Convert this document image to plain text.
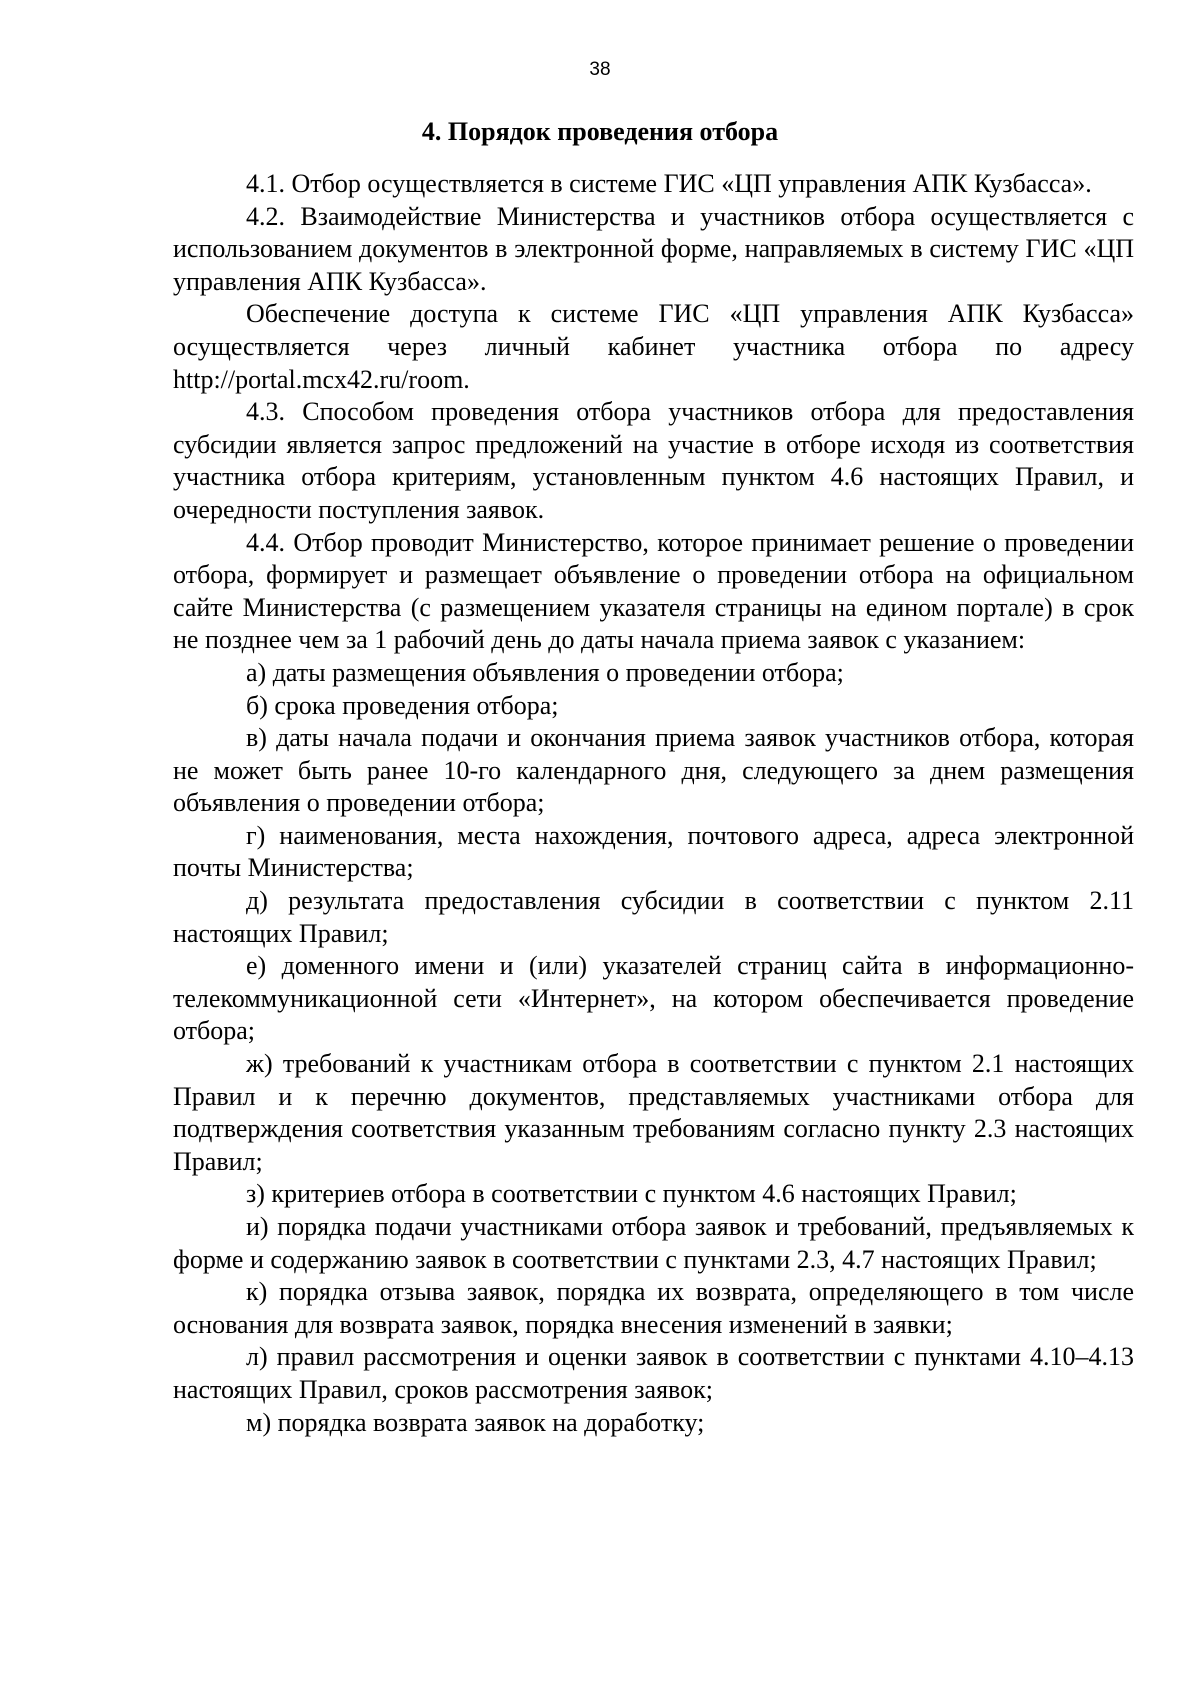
38
4. Порядок проведения отбора

4.1. Отбор осуществляется в системе ГИС «ЦП управления АПК Кузбасса».

4.2. Взаимодействие Министерства и участников отбора осуществляется с использованием документов в электронной форме, направляемых в систему ГИС «ЦП управления АПК Кузбасса».

Обеспечение доступа к системе ГИС «ЦП управления АПК Кузбасса» осуществляется через личный кабинет участника отбора по адресу http://portal.mcx42.ru/room.

4.3. Способом проведения отбора участников отбора для предоставления субсидии является запрос предложений на участие в отборе исходя из соответствия участника отбора критериям, установленным пунктом 4.6 настоящих Правил, и очередности поступления заявок.

4.4. Отбор проводит Министерство, которое принимает решение о проведении отбора, формирует и размещает объявление о проведении отбора на официальном сайте Министерства (с размещением указателя страницы на едином портале) в срок не позднее чем за 1 рабочий день до даты начала приема заявок с указанием:

а) даты размещения объявления о проведении отбора;

б) срока проведения отбора;

в) даты начала подачи и окончания приема заявок участников отбора, которая не может быть ранее 10-го календарного дня, следующего за днем размещения объявления о проведении отбора;

г) наименования, места нахождения, почтового адреса, адреса электронной почты Министерства;

д) результата предоставления субсидии в соответствии с пунктом 2.11 настоящих Правил;

е) доменного имени и (или) указателей страниц сайта в информационно-телекоммуникационной сети «Интернет», на котором обеспечивается проведение отбора;

ж) требований к участникам отбора в соответствии с пунктом 2.1 настоящих Правил и к перечню документов, представляемых участниками отбора для подтверждения соответствия указанным требованиям согласно пункту 2.3 настоящих Правил;

з) критериев отбора в соответствии с пунктом 4.6 настоящих Правил;

и) порядка подачи участниками отбора заявок и требований, предъявляемых к форме и содержанию заявок в соответствии с пунктами 2.3, 4.7 настоящих Правил;

к) порядка отзыва заявок, порядка их возврата, определяющего в том числе основания для возврата заявок, порядка внесения изменений в заявки;

л) правил рассмотрения и оценки заявок в соответствии с пунктами 4.10–4.13 настоящих Правил, сроков рассмотрения заявок;

м) порядка возврата заявок на доработку;
